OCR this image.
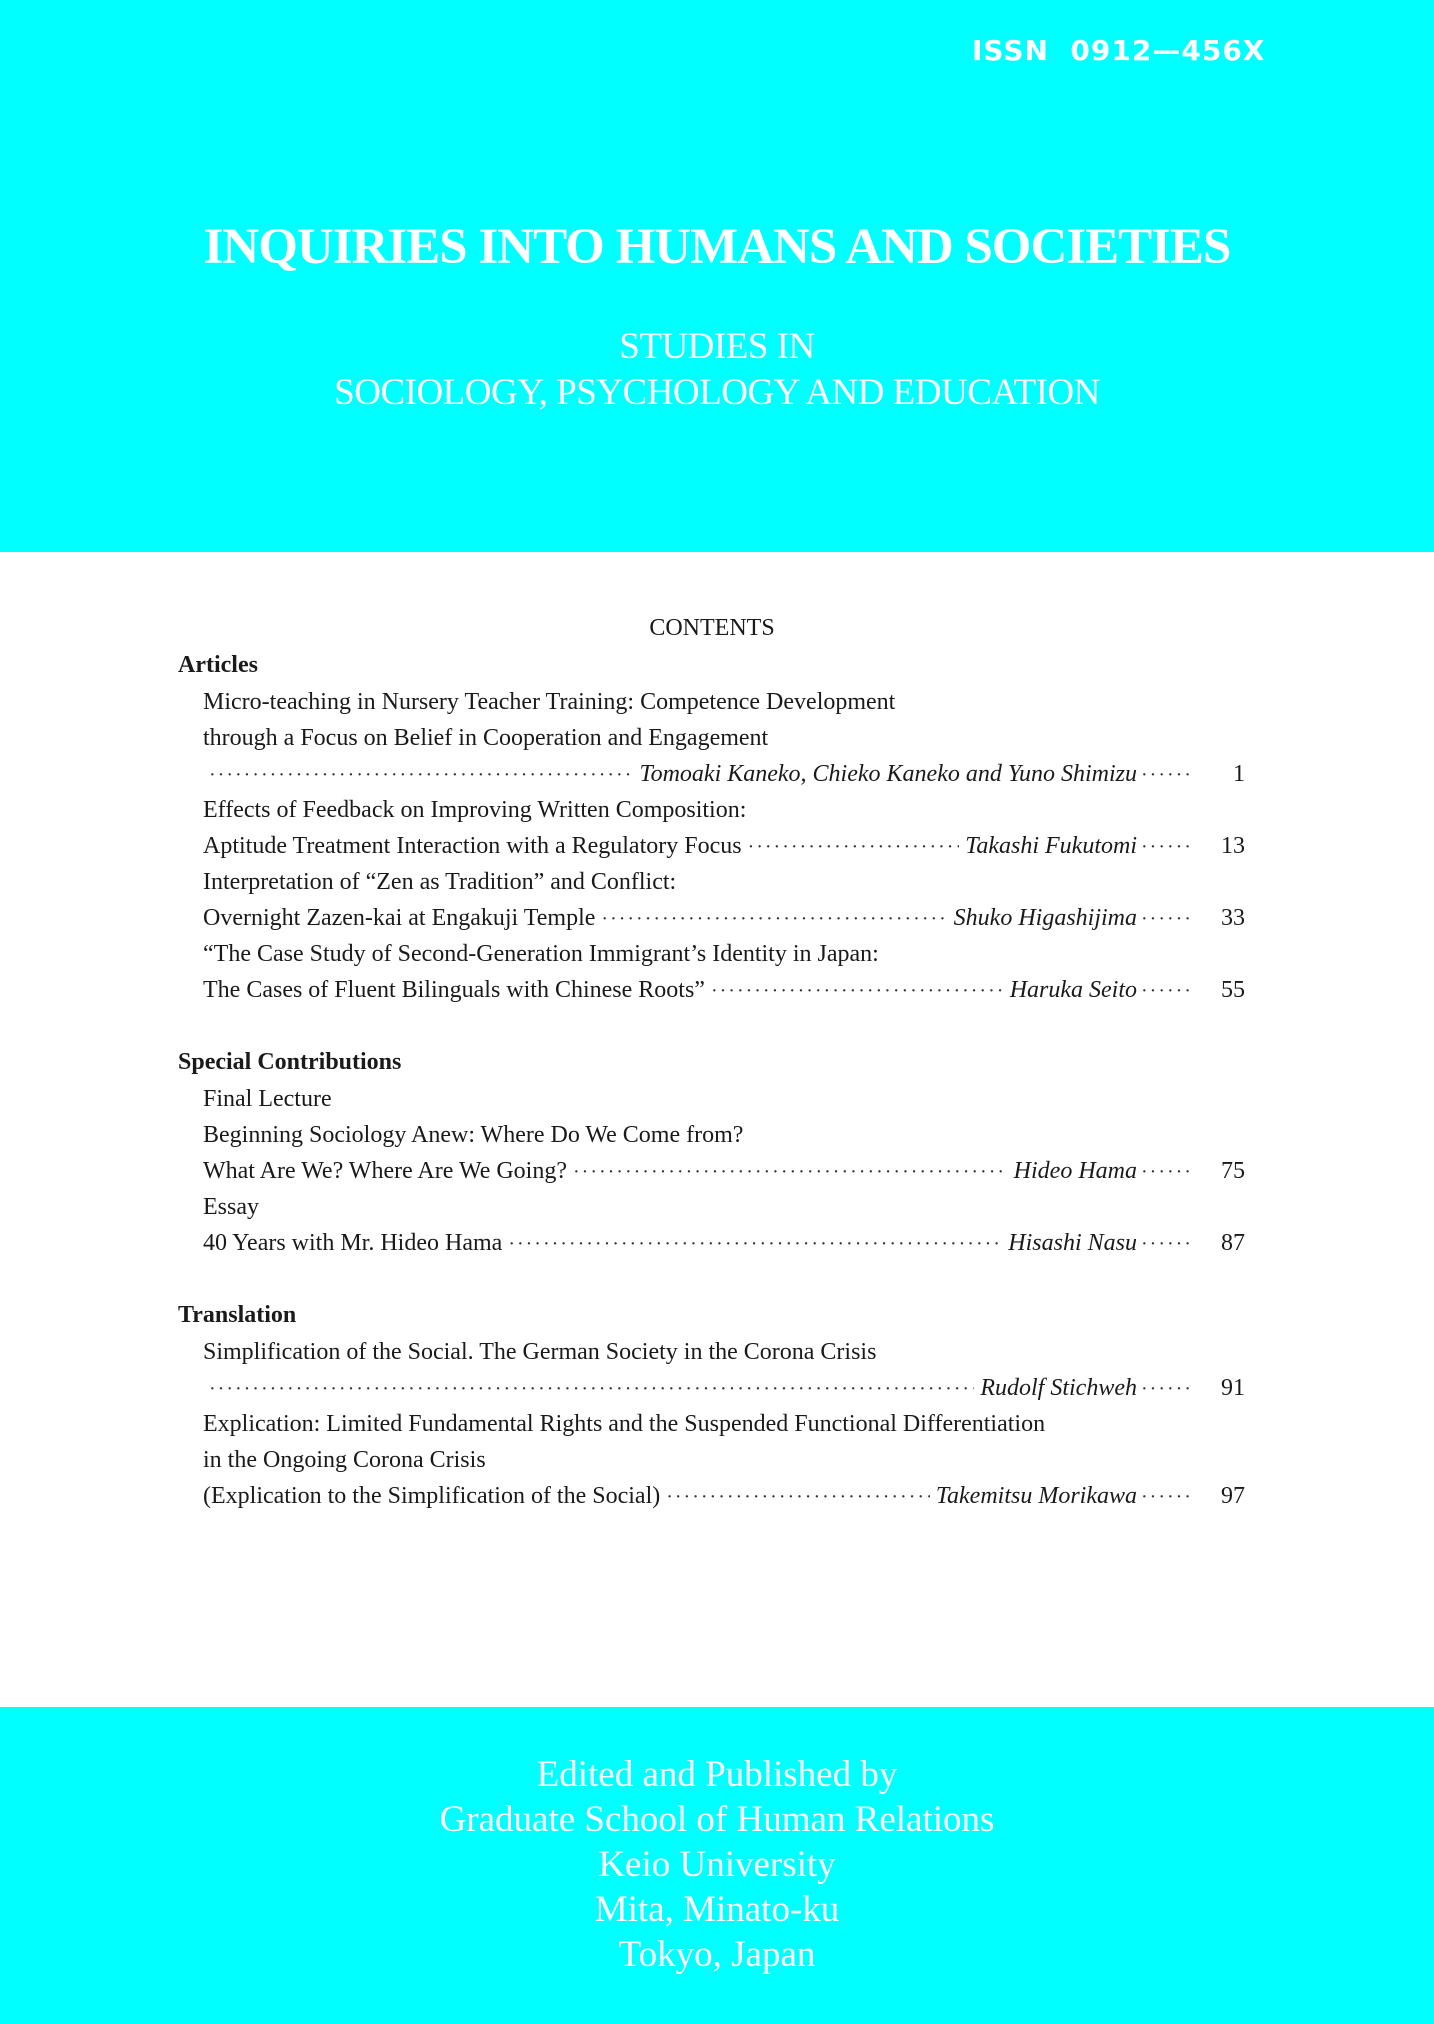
ISSN  0912—456X
INQUIRIES INTO HUMANS AND SOCIETIES
STUDIES IN
SOCIOLOGY, PSYCHOLOGY AND EDUCATION
CONTENTS
Articles
Micro-teaching in Nursery Teacher Training: Competence Development
through a Focus on Belief in Cooperation and Engagement
·····
Tomoaki Kaneko, Chieko Kaneko and Yuno Shimizu ······	1
Effects of Feedback on Improving Written Composition:
Aptitude Treatment Interaction with a Regulatory Focus ·····	Takashi Fukutomi ······	13
Interpretation of “Zen as Tradition” and Conflict:
Overnight Zazen-kai at Engakuji Temple ·····	Shuko Higashijima ······	33
“The Case Study of Second-Generation Immigrant’s Identity in Japan:
The Cases of Fluent Bilinguals with Chinese Roots” ·····	Haruka Seito ······	55
Special Contributions
Final Lecture
Beginning Sociology Anew: Where Do We Come from?
What Are We? Where Are We Going? ·····	Hideo Hama ······	75
Essay
40 Years with Mr. Hideo Hama ·····	Hisashi Nasu ······	87
Translation
Simplification of the Social. The German Society in the Corona Crisis
·····
Rudolf Stichweh ······	91
Explication: Limited Fundamental Rights and the Suspended Functional Differentiation
in the Ongoing Corona Crisis
(Explication to the Simplification of the Social) ·····	Takemitsu Morikawa ······	97
Edited and Published by
Graduate School of Human Relations
Keio University
Mita, Minato-ku
Tokyo, Japan
